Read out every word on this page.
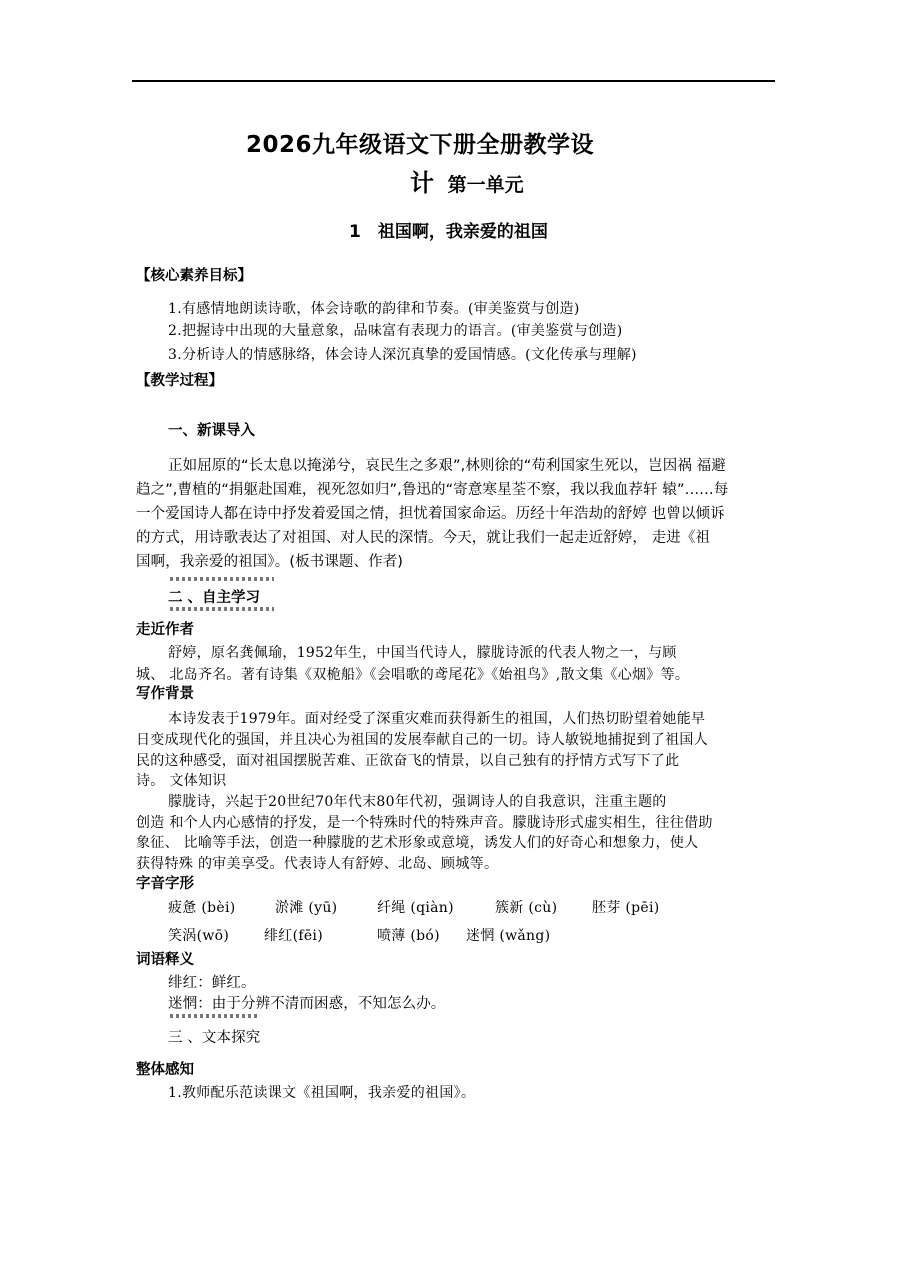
2026九年级语文下册全册教学设
计 第一单元
1　祖国啊，我亲爱的祖国
【核心素养目标】
1.有感情地朗读诗歌，体会诗歌的韵律和节奏。(审美鉴赏与创造)
2.把握诗中出现的大量意象，品味富有表现力的语言。(审美鉴赏与创造)
3.分析诗人的情感脉络，体会诗人深沉真挚的爱国情感。(文化传承与理解)
【教学过程】
一、新课导入
正如屈原的“长太息以掩涕兮，哀民生之多艰”,林则徐的“苟利国家生死以，岂因祸 福避
趋之”,曹植的“捐躯赴国难，视死忽如归”,鲁迅的“寄意寒星荃不察，我以我血荐轩 辕”……每
一个爱国诗人都在诗中抒发着爱国之情，担忧着国家命运。历经十年浩劫的舒婷 也曾以倾诉
的方式，用诗歌表达了对祖国、对人民的深情。今天，就让我们一起走近舒婷， 走进《祖
国啊，我亲爱的祖国》。(板书课题、作者)
二 、自主学习
走近作者
舒婷，原名龚佩瑜，1952年生，中国当代诗人，朦胧诗派的代表人物之一，与顾
城、 北岛齐名。著有诗集《双桅船》《会唱歌的鸢尾花》《始祖鸟》,散文集《心烟》等。
写作背景
本诗发表于1979年。面对经受了深重灾难而获得新生的祖国，人们热切盼望着她能早
日变成现代化的强国，并且决心为祖国的发展奉献自己的一切。诗人敏锐地捕捉到了祖国人
民的这种感受，面对祖国摆脱苦难、正欲奋飞的情景，以自己独有的抒情方式写下了此
诗。 文体知识
朦胧诗，兴起于20世纪70年代末80年代初，强调诗人的自我意识，注重主题的
创造 和个人内心感情的抒发，是一个特殊时代的特殊声音。朦胧诗形式虚实相生，往往借助
象征、 比喻等手法，创造一种朦胧的艺术形象或意境，诱发人们的好奇心和想象力，使人
获得特殊 的审美享受。代表诗人有舒婷、北岛、顾城等。
字音字形
疲惫 (bèi)	淤滩 (yū)	纤绳 (qiàn)	簇新 (cù) 胚芽 (pēi)
笑涡(wō) 绯红(fēi)	喷薄 (bó) 迷惘 (wǎng)
词语释义
绯红：鲜红。
迷惘：由于分辨不清而困惑，不知怎么办。
三 、文本探究
整体感知
1.教师配乐范读课文《祖国啊，我亲爱的祖国》。
